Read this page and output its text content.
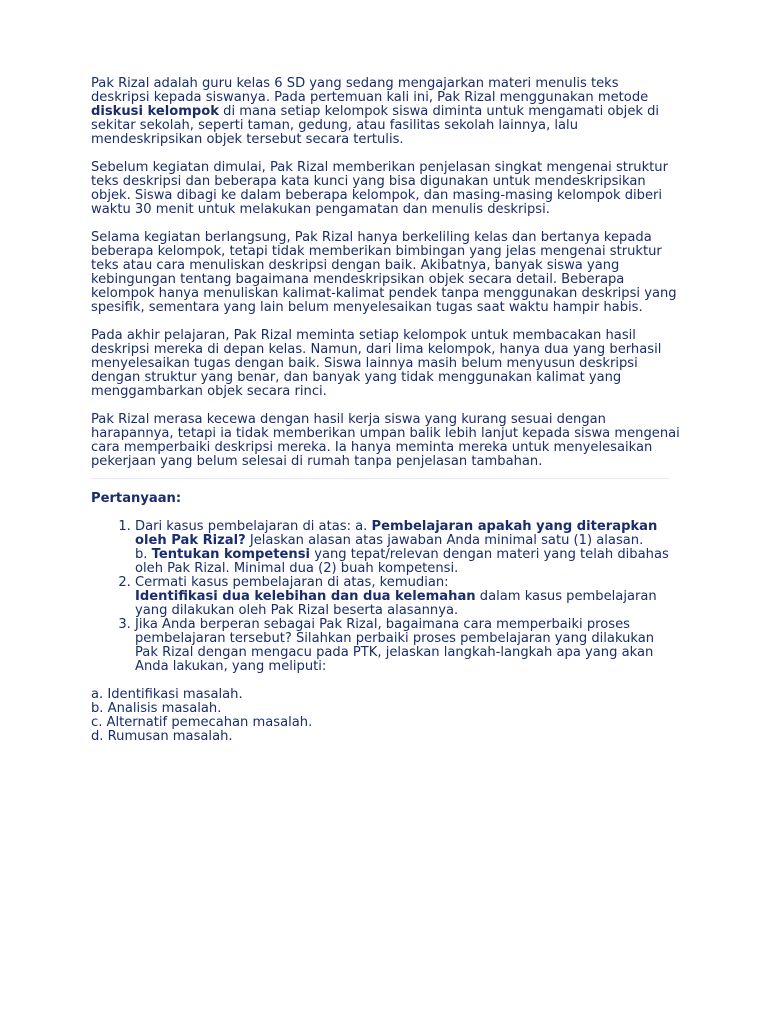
Pak Rizal adalah guru kelas 6 SD yang sedang mengajarkan materi menulis teks deskripsi kepada siswanya. Pada pertemuan kali ini, Pak Rizal menggunakan metode diskusi kelompok di mana setiap kelompok siswa diminta untuk mengamati objek di sekitar sekolah, seperti taman, gedung, atau fasilitas sekolah lainnya, lalu mendeskripsikan objek tersebut secara tertulis.

Sebelum kegiatan dimulai, Pak Rizal memberikan penjelasan singkat mengenai struktur teks deskripsi dan beberapa kata kunci yang bisa digunakan untuk mendeskripsikan objek. Siswa dibagi ke dalam beberapa kelompok, dan masing-masing kelompok diberi waktu 30 menit untuk melakukan pengamatan dan menulis deskripsi.

Selama kegiatan berlangsung, Pak Rizal hanya berkeliling kelas dan bertanya kepada beberapa kelompok, tetapi tidak memberikan bimbingan yang jelas mengenai struktur teks atau cara menuliskan deskripsi dengan baik. Akibatnya, banyak siswa yang kebingungan tentang bagaimana mendeskripsikan objek secara detail. Beberapa kelompok hanya menuliskan kalimat-kalimat pendek tanpa menggunakan deskripsi yang spesifik, sementara yang lain belum menyelesaikan tugas saat waktu hampir habis.

Pada akhir pelajaran, Pak Rizal meminta setiap kelompok untuk membacakan hasil deskripsi mereka di depan kelas. Namun, dari lima kelompok, hanya dua yang berhasil menyelesaikan tugas dengan baik. Siswa lainnya masih belum menyusun deskripsi dengan struktur yang benar, dan banyak yang tidak menggunakan kalimat yang menggambarkan objek secara rinci.

Pak Rizal merasa kecewa dengan hasil kerja siswa yang kurang sesuai dengan harapannya, tetapi ia tidak memberikan umpan balik lebih lanjut kepada siswa mengenai cara memperbaiki deskripsi mereka. Ia hanya meminta mereka untuk menyelesaikan pekerjaan yang belum selesai di rumah tanpa penjelasan tambahan.

Pertanyaan:
1. Dari kasus pembelajaran di atas: a. Pembelajaran apakah yang diterapkan oleh Pak Rizal? Jelaskan alasan atas jawaban Anda minimal satu (1) alasan.
b. Tentukan kompetensi yang tepat/relevan dengan materi yang telah dibahas oleh Pak Rizal. Minimal dua (2) buah kompetensi.
2. Cermati kasus pembelajaran di atas, kemudian:
Identifikasi dua kelebihan dan dua kelemahan dalam kasus pembelajaran yang dilakukan oleh Pak Rizal beserta alasannya.
3. Jika Anda berperan sebagai Pak Rizal, bagaimana cara memperbaiki proses pembelajaran tersebut? Silahkan perbaiki proses pembelajaran yang dilakukan Pak Rizal dengan mengacu pada PTK, jelaskan langkah-langkah apa yang akan Anda lakukan, yang meliputi:
a. Identifikasi masalah.
b. Analisis masalah.
c. Alternatif pemecahan masalah.
d. Rumusan masalah.
